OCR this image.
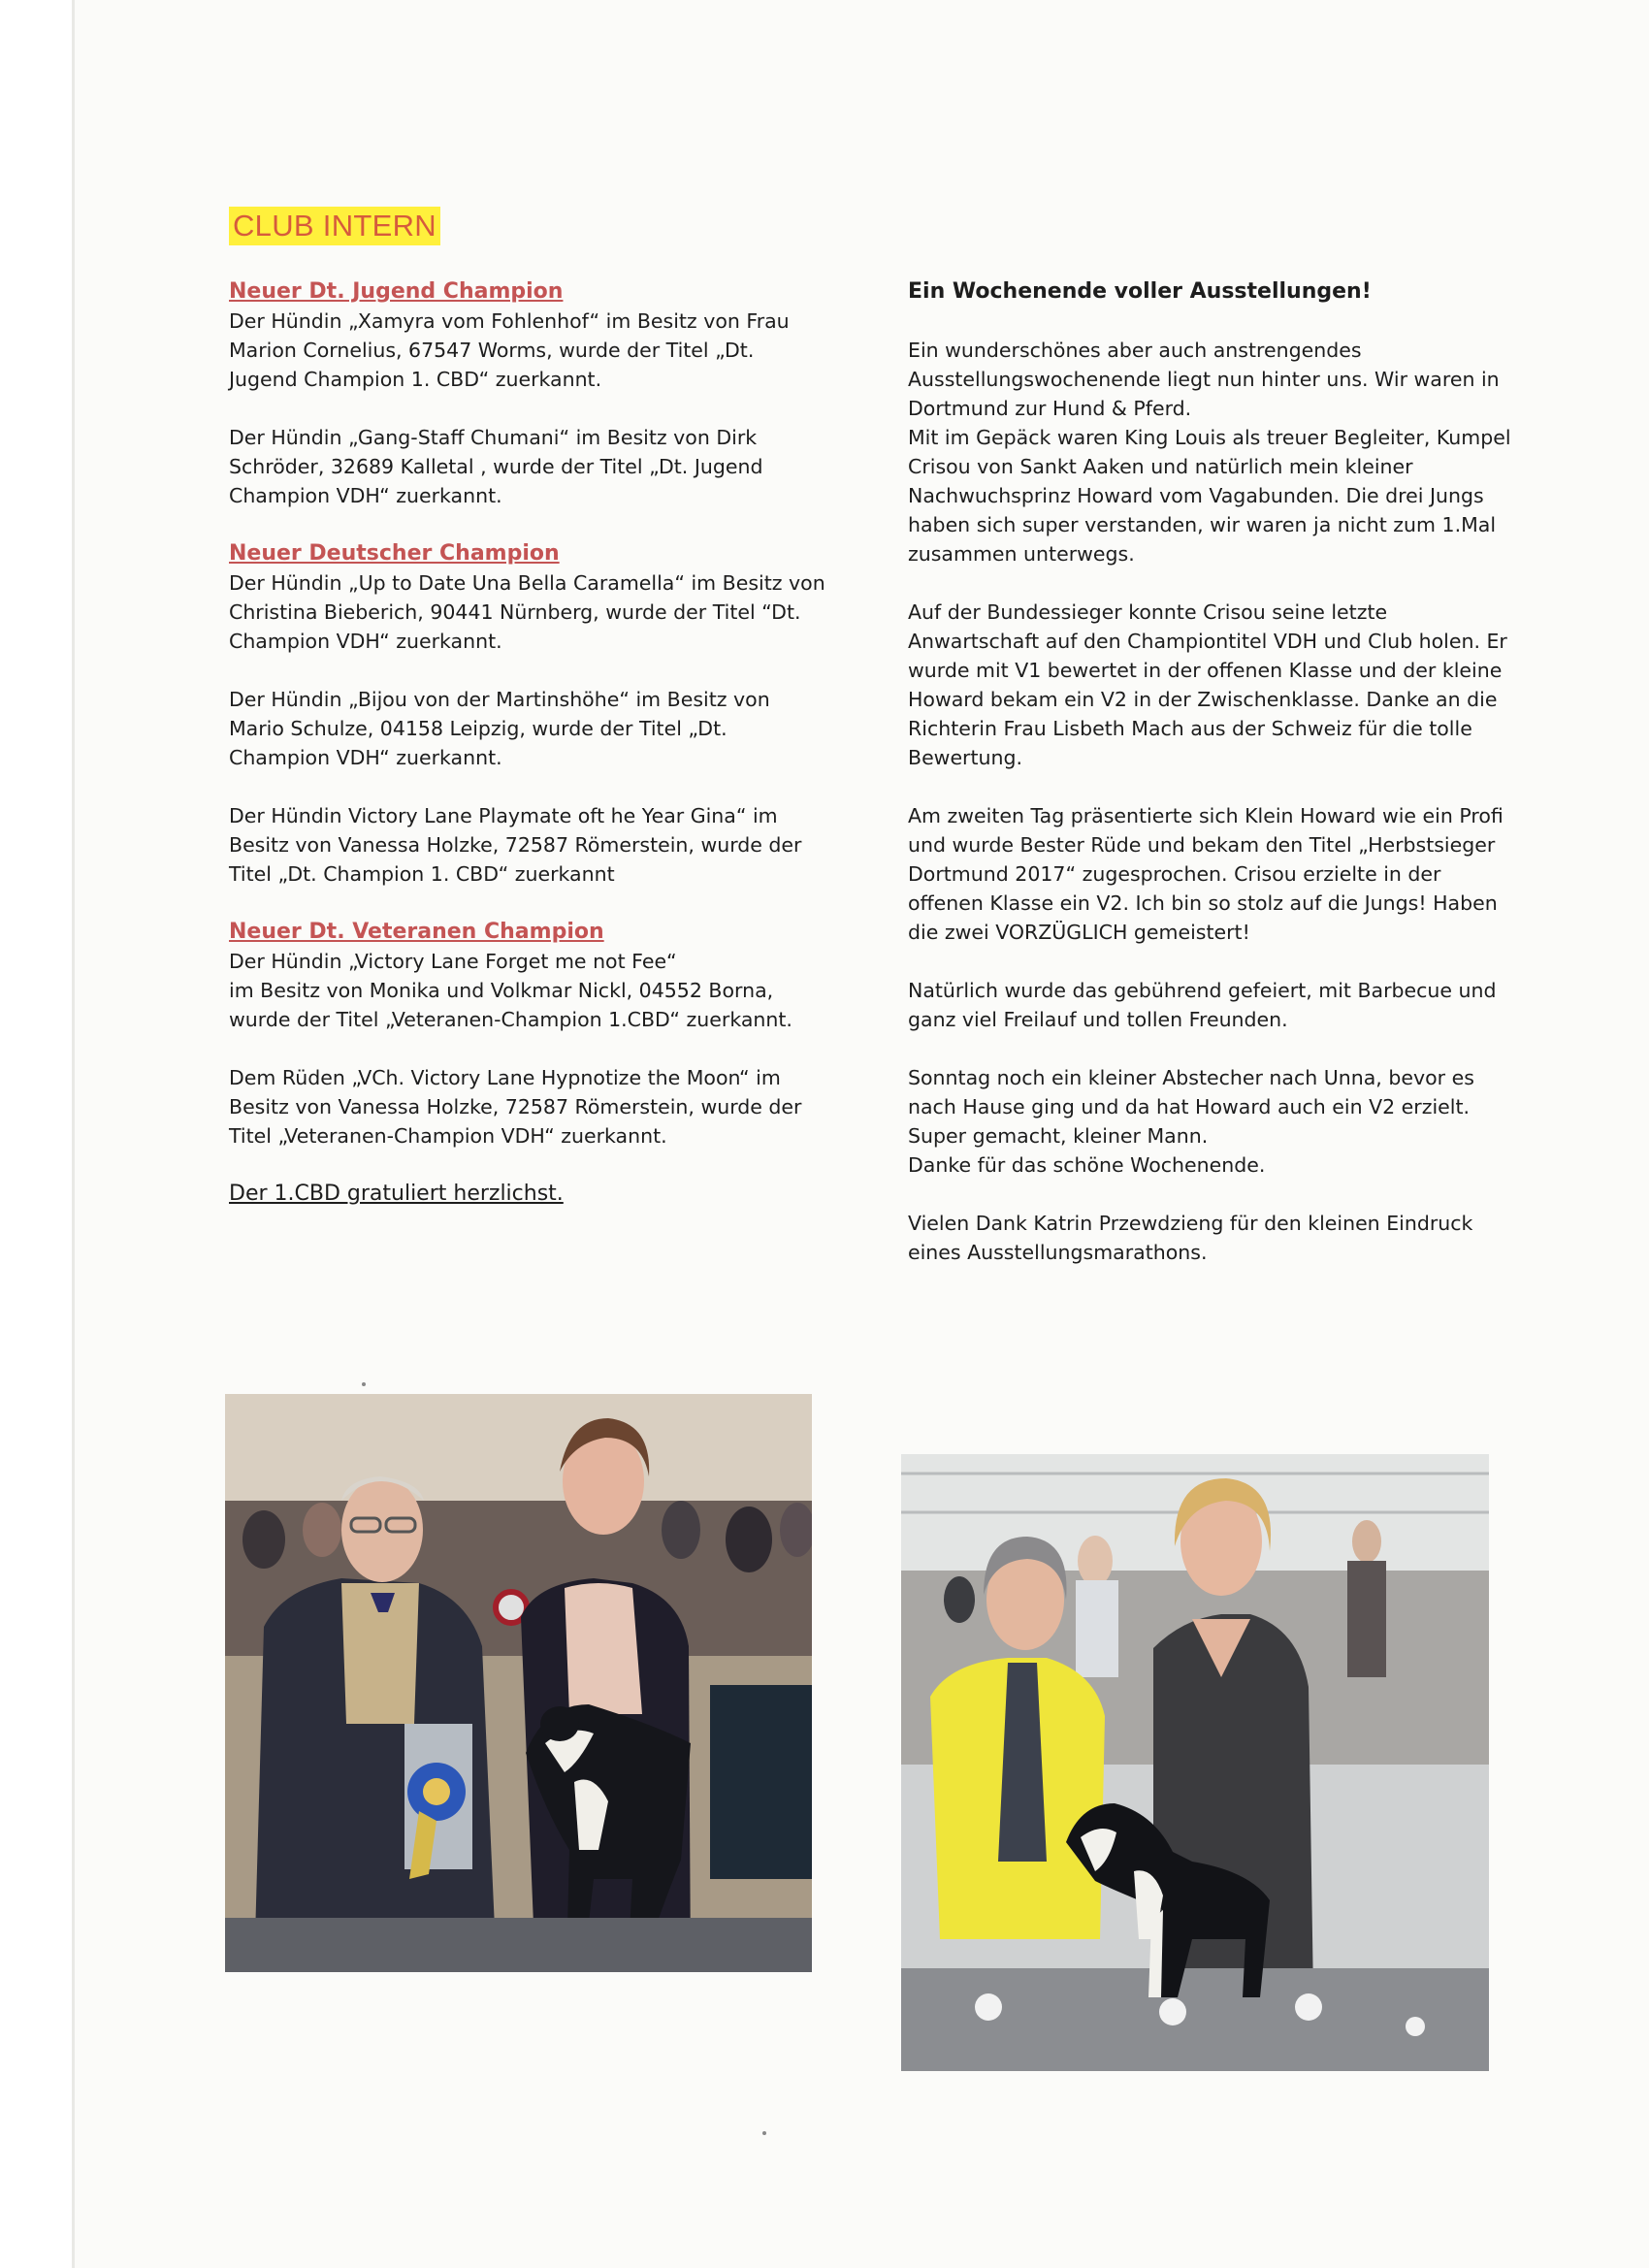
CLUB INTERN
Neuer Dt. Jugend Champion

Der Hündin „Xamyra vom Fohlenhof“ im Besitz von Frau
Marion Cornelius, 67547 Worms, wurde der Titel „Dt.
Jugend Champion 1. CBD“ zuerkannt.

Der Hündin „Gang-Staff Chumani“ im Besitz von Dirk
Schröder, 32689 Kalletal , wurde der Titel „Dt. Jugend
Champion VDH“ zuerkannt.

Neuer Deutscher Champion

Der Hündin „Up to Date Una Bella Caramella“ im Besitz von
Christina Bieberich, 90441 Nürnberg, wurde der Titel “Dt.
Champion VDH“ zuerkannt.

Der Hündin „Bijou von der Martinshöhe“ im Besitz von
Mario Schulze, 04158 Leipzig, wurde der Titel „Dt.
Champion VDH“ zuerkannt.

Der Hündin Victory Lane Playmate oft he Year Gina“ im
Besitz von Vanessa Holzke, 72587 Römerstein, wurde der
Titel „Dt. Champion 1. CBD“ zuerkannt

Neuer Dt. Veteranen Champion

Der Hündin „Victory Lane Forget me not Fee“
im Besitz von Monika und Volkmar Nickl, 04552 Borna,
wurde der Titel „Veteranen-Champion 1.CBD“ zuerkannt.

Dem Rüden „VCh. Victory Lane Hypnotize the Moon“ im
Besitz von Vanessa Holzke, 72587 Römerstein, wurde der
Titel „Veteranen-Champion VDH“ zuerkannt.

Der 1.CBD gratuliert herzlichst.
Ein Wochenende voller Ausstellungen!

Ein wunderschönes aber auch anstrengendes
Ausstellungswochenende liegt nun hinter uns. Wir waren in
Dortmund zur Hund & Pferd.
Mit im Gepäck waren King Louis als treuer Begleiter, Kumpel
Crisou von Sankt Aaken und natürlich mein kleiner
Nachwuchsprinz Howard vom Vagabunden. Die drei Jungs
haben sich super verstanden, wir waren ja nicht zum 1.Mal
zusammen unterwegs.

Auf der Bundessieger konnte Crisou seine letzte
Anwartschaft auf den Championtitel VDH und Club holen. Er
wurde mit V1 bewertet in der offenen Klasse und der kleine
Howard bekam ein V2 in der Zwischenklasse. Danke an die
Richterin Frau Lisbeth Mach aus der Schweiz für die tolle
Bewertung.

Am zweiten Tag präsentierte sich Klein Howard wie ein Profi
und wurde Bester Rüde und bekam den Titel „Herbstsieger
Dortmund 2017“ zugesprochen. Crisou erzielte in der
offenen Klasse ein V2. Ich bin so stolz auf die Jungs! Haben
die zwei VORZÜGLICH gemeistert!

Natürlich wurde das gebührend gefeiert, mit Barbecue und
ganz viel Freilauf und tollen Freunden.

Sonntag noch ein kleiner Abstecher nach Unna, bevor es
nach Hause ging und da hat Howard auch ein V2 erzielt.
Super gemacht, kleiner Mann.
Danke für das schöne Wochenende.

Vielen Dank Katrin Przewdzieng für den kleinen Eindruck
eines Ausstellungsmarathons.
